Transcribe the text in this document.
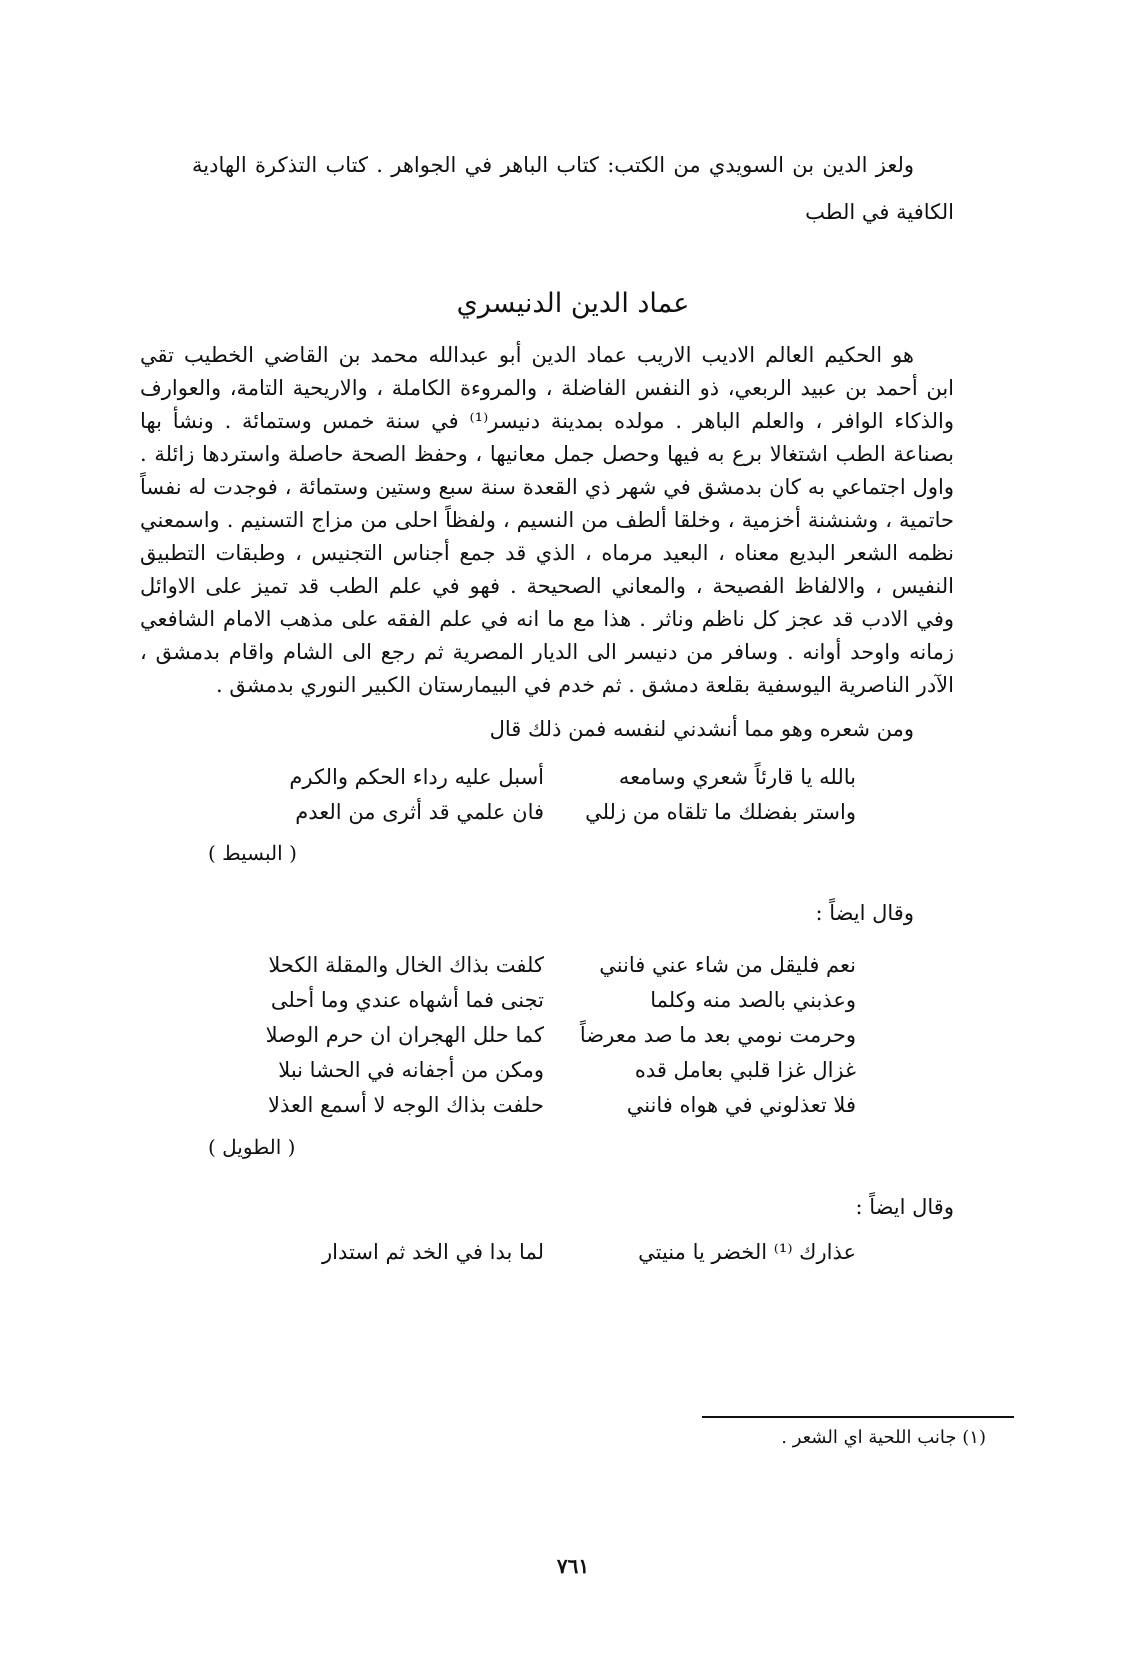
ولعز الدين بن السويدي من الكتب: كتاب الباهر في الجواهر . كتاب التذكرة الهادية
الكافية في الطب
عماد الدين الدنيسري
هو الحكيم العالم الاديب الاريب عماد الدين أبو عبدالله محمد بن القاضي الخطيب تقي
ابن أحمد بن عبيد الربعي، ذو النفس الفاضلة ، والمروءة الكاملة ، والاريحية التامة، والعوارف
والذكاء الوافر ، والعلم الباهر . مولده بمدينة دنيسر⁽¹⁾ في سنة خمس وستمائة . ونشأ بها
بصناعة الطب اشتغالا برع به فيها وحصل جمل معانيها ، وحفظ الصحة حاصلة واستردها زائلة .
واول اجتماعي به كان بدمشق في شهر ذي القعدة سنة سبع وستين وستمائة ، فوجدت له نفساً
حاتمية ، وشنشنة أخزمية ، وخلقا ألطف من النسيم ، ولفظاً احلى من مزاج التسنيم . واسمعني
نظمه الشعر البديع معناه ، البعيد مرماه ، الذي قد جمع أجناس التجنيس ، وطبقات التطبيق
النفيس ، والالفاظ الفصيحة ، والمعاني الصحيحة . فهو في علم الطب قد تميز على الاوائل
وفي الادب قد عجز كل ناظم وناثر . هذا مع ما انه في علم الفقه على مذهب الامام الشافعي
زمانه واوحد أوانه . وسافر من دنيسر الى الديار المصرية ثم رجع الى الشام واقام بدمشق ،
الآدر الناصرية اليوسفية بقلعة دمشق . ثم خدم في البيمارستان الكبير النوري بدمشق .
ومن شعره وهو مما أنشدني لنفسه فمن ذلك قال
بالله يا قارئاً شعري وسامعه
أسبل عليه رداء الحكم والكرم
واستر بفضلك ما تلقاه من زللي
فان علمي قد أثرى من العدم
( البسيط )
وقال ايضاً :
نعم فليقل من شاء عني فانني
كلفت بذاك الخال والمقلة الكحلا
وعذبني بالصد منه وكلما
تجنى فما أشهاه عندي وما أحلى
وحرمت نومي بعد ما صد معرضاً
كما حلل الهجران ان حرم الوصلا
غزال غزا قلبي بعامل قده
ومكن من أجفانه في الحشا نبلا
فلا تعذلوني في هواه فانني
حلفت بذاك الوجه لا أسمع العذلا
( الطويل )
وقال ايضاً :
عذارك ⁽¹⁾ الخضر يا منيتي
لما بدا في الخد ثم استدار
(١) جانب اللحية اي الشعر .
٧٦١
